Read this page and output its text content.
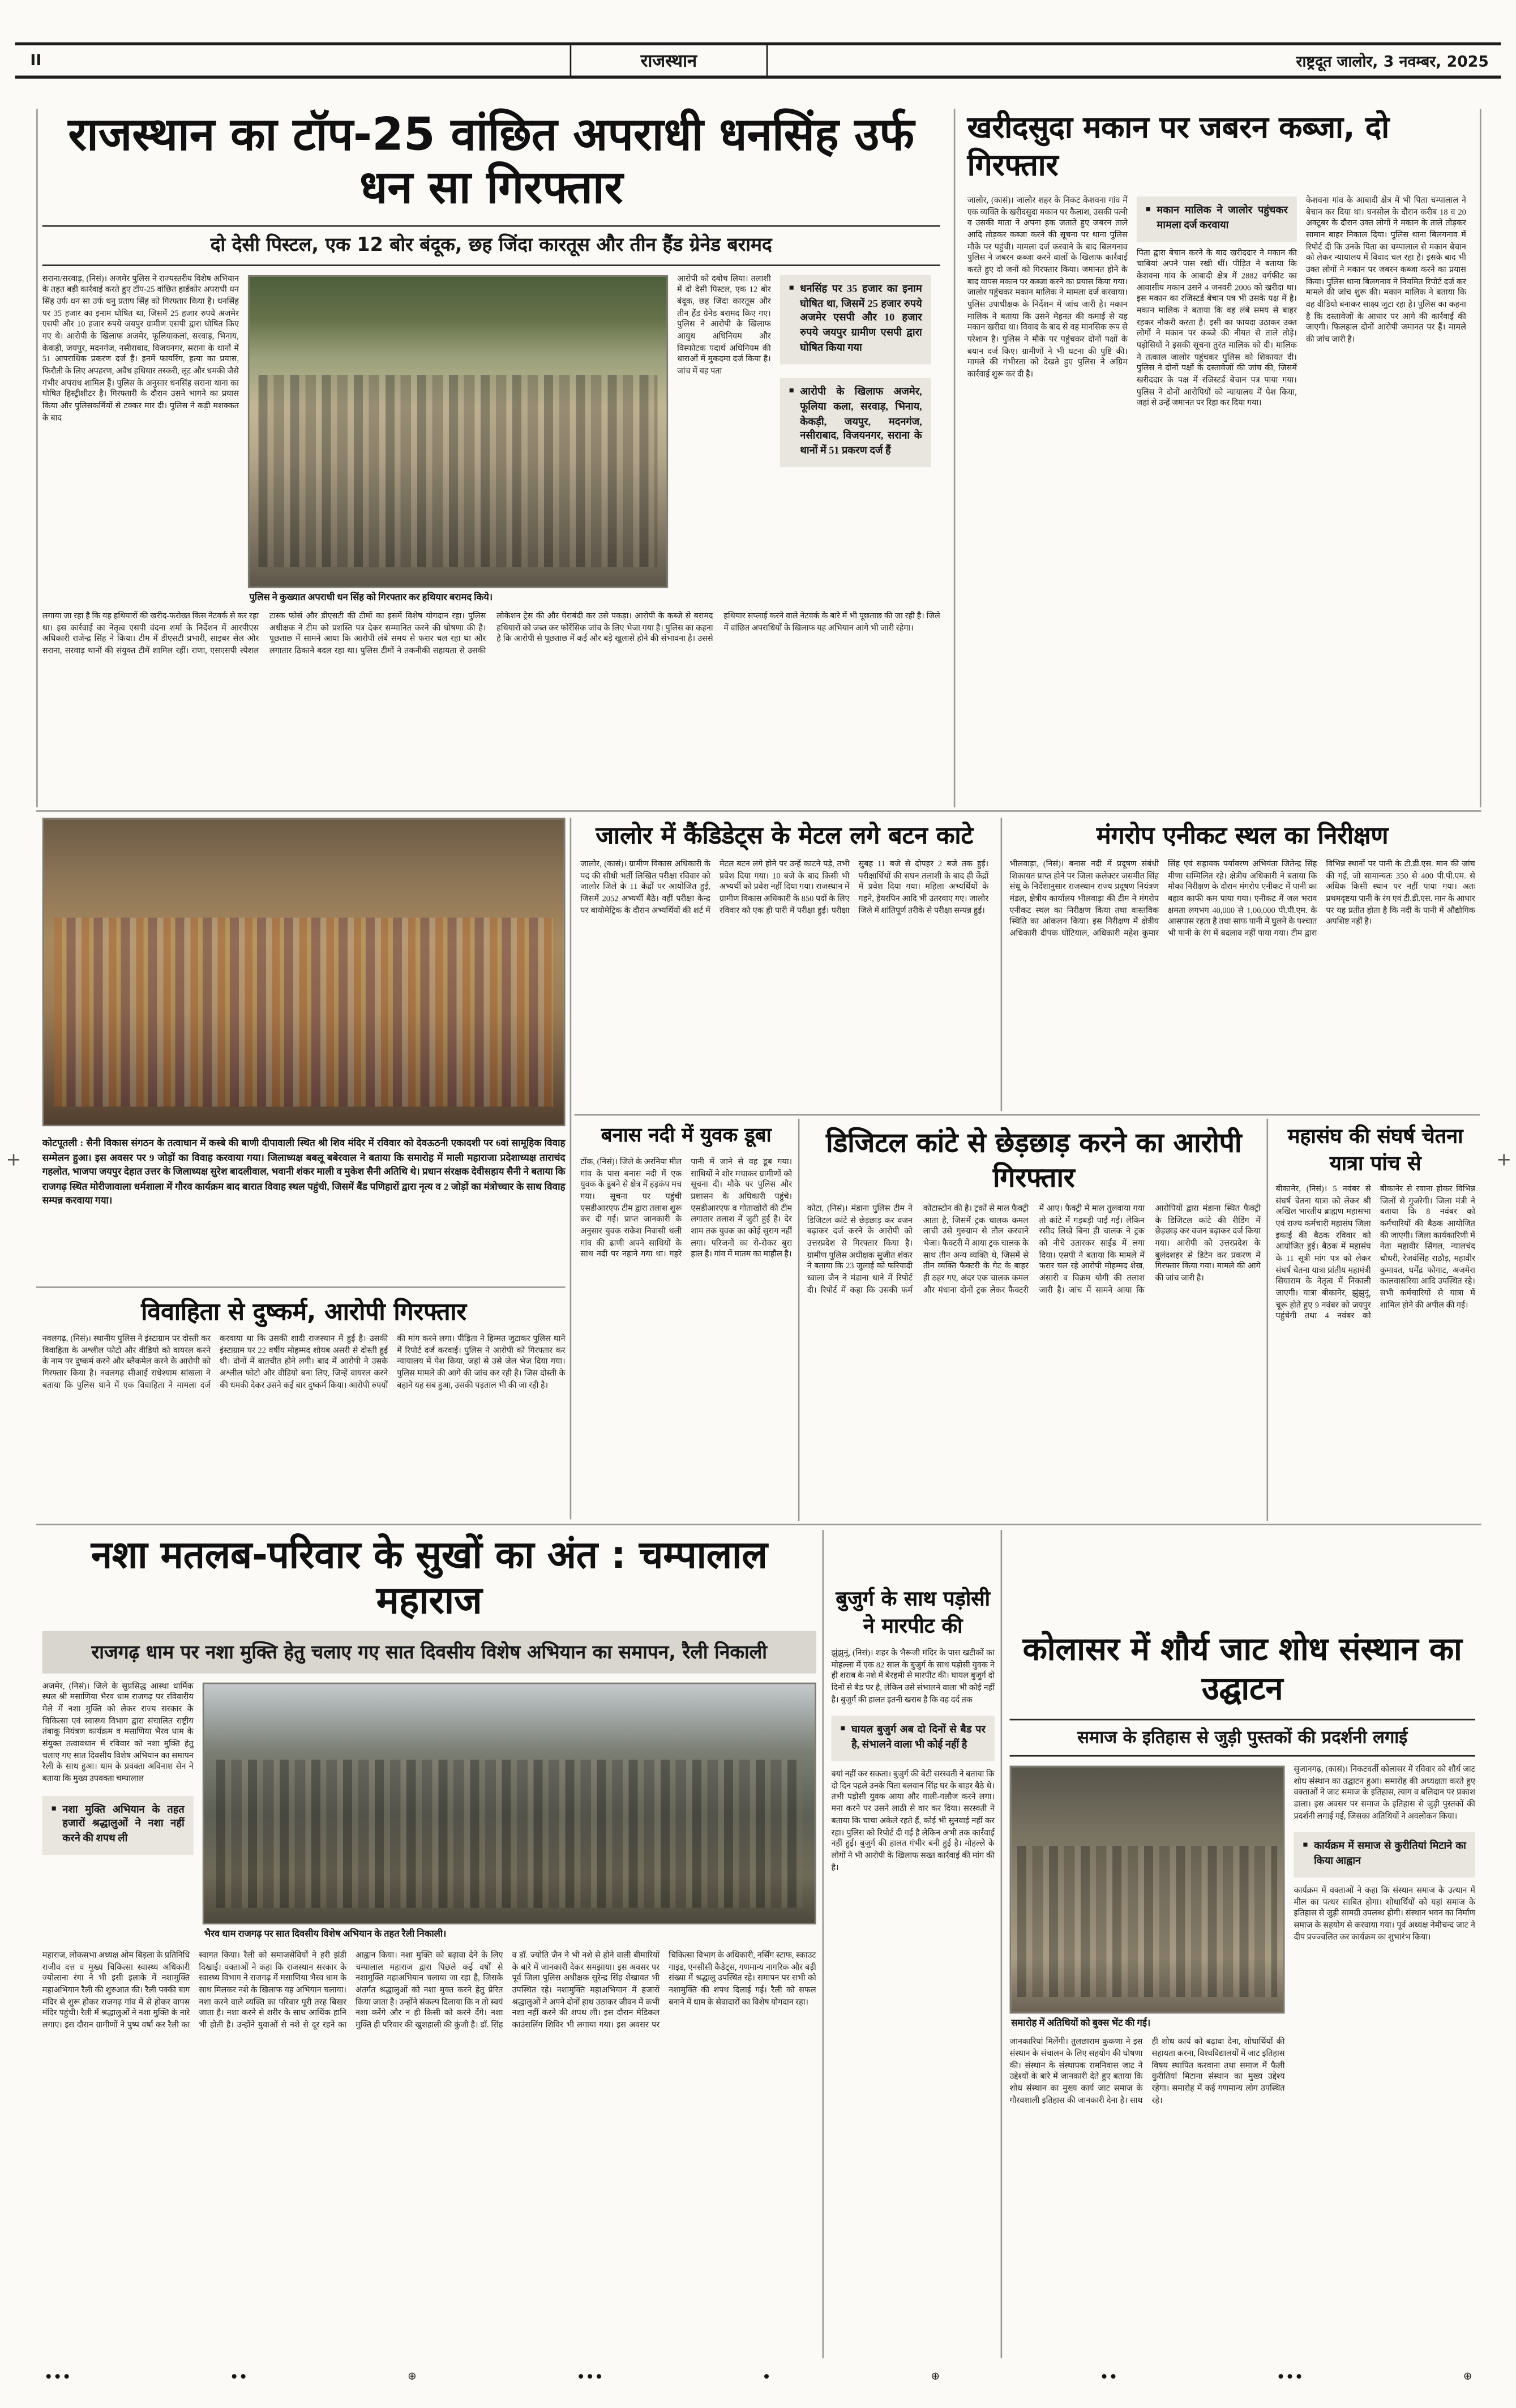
II	राजस्थान	राष्ट्रदूत जालोर, 3 नवम्बर, 2025
राजस्थान का टॉप-25 वांछित अपराधी धनसिंह उर्फ धन सा गिरफ्तार
दो देसी पिस्टल, एक 12 बोर बंदूक, छह जिंदा कारतूस और तीन हैंड ग्रेनेड बरामद

सराना/सरवाड़, (निसं)। अजमेर पुलिस ने राज्यस्तरीय विशेष अभियान के तहत बड़ी कार्रवाई करते हुए टॉप-25 वांछित हार्डकोर अपराधी धन सिंह उर्फ धन सा उर्फ धनु प्रताप सिंह को गिरफ्तार किया है। धनसिंह पर 35 हजार का इनाम घोषित था, जिसमें 25 हजार रुपये अजमेर एसपी और 10 हजार रुपये जयपुर ग्रामीण एसपी द्वारा घोषित किए गए थे। आरोपी के खिलाफ अजमेर, फूलियाकलां, सरवाड़, भिनाय, केकड़ी, जयपुर, मदनगंज, नसीराबाद, विजयनगर, सराना के थानों में 51 आपराधिक प्रकरण दर्ज हैं। इनमें फायरिंग, हत्या का प्रयास, फिरौती के लिए अपहरण, अवैध हथियार तस्करी, लूट और धमकी जैसे गंभीर अपराध शामिल हैं। पुलिस के अनुसार धनसिंह सराना थाना का घोषित हिस्ट्रीशीटर है। गिरफ्तारी के दौरान उसने भागने का प्रयास किया और पुलिसकर्मियों से टक्कर मार दी। पुलिस ने कड़ी मशक्कत के बाद

पुलिस ने कुख्यात अपराधी धन सिंह को गिरफ्तार कर हथियार बरामद किये।

आरोपी को दबोच लिया। तलाशी में दो देसी पिस्टल, एक 12 बोर बंदूक, छह जिंदा कारतूस और तीन हैंड ग्रेनेड बरामद किए गए। पुलिस ने आरोपी के खिलाफ आयुध अधिनियम और विस्फोटक पदार्थ अधिनियम की धाराओं में मुकदमा दर्ज किया है। जांच में यह पता

■ धनसिंह पर 35 हजार का इनाम घोषित था, जिसमें 25 हजार रुपये अजमेर एसपी और 10 हजार रुपये जयपुर ग्रामीण एसपी द्वारा घोषित किया गया
■ आरोपी के खिलाफ अजमेर, फूलिया कला, सरवाड़, भिनाय, केकड़ी, जयपुर, मदनगंज, नसीराबाद, विजयनगर, सराना के थानों में 51 प्रकरण दर्ज हैं
लगाया जा रहा है कि यह हथियारों की खरीद-फरोख्त किस नेटवर्क से कर रहा था। इस कार्रवाई का नेतृत्व एसपी वंदना शर्मा के निर्देशन में आरपीएस अधिकारी राजेन्द्र सिंह ने किया। टीम में डीएसटी प्रभारी, साइबर सेल और सराना, सरवाड़ थानों की संयुक्त टीमें शामिल रहीं। राणा, एसएसपी स्पेशल टास्क फोर्स और डीएसटी की टीमों का इसमें विशेष योगदान रहा। पुलिस अधीक्षक ने टीम को प्रशस्ति पत्र देकर सम्मानित करने की घोषणा की है। पूछताछ में सामने आया कि आरोपी लंबे समय से फरार चल रहा था और लगातार ठिकाने बदल रहा था। पुलिस टीमों ने तकनीकी सहायता से उसकी लोकेशन ट्रेस की और घेराबंदी कर उसे पकड़ा। आरोपी के कब्जे से बरामद हथियारों को जब्त कर फोरेंसिक जांच के लिए भेजा गया है। पुलिस का कहना है कि आरोपी से पूछताछ में कई और बड़े खुलासे होने की संभावना है। उससे हथियार सप्लाई करने वाले नेटवर्क के बारे में भी पूछताछ की जा रही है। जिले में वांछित अपराधियों के खिलाफ यह अभियान आगे भी जारी रहेगा।
खरीदसुदा मकान पर जबरन कब्जा, दो गिरफ्तार

जालोर, (कासं)। जालोर शहर के निकट केशवना गांव में एक व्यक्ति के खरीदसुदा मकान पर कैलाश, उसकी पत्नी व उसकी माता ने अपना हक जताते हुए जबरन ताले आदि तोड़कर कब्जा करने की सूचना पर थाना पुलिस मौके पर पहुंची। मामला दर्ज करवाने के बाद बिलगनाव पुलिस ने जबरन कब्जा करने वालों के खिलाफ कार्रवाई करते हुए दो जनों को गिरफ्तार किया। जमानत होने के बाद वापस मकान पर कब्जा करने का प्रयास किया गया। जालोर पहुंचकर मकान मालिक ने मामला दर्ज करवाया। पुलिस उपाधीक्षक के निर्देशन में जांच जारी है। मकान मालिक ने बताया कि उसने मेहनत की कमाई से यह मकान खरीदा था। विवाद के बाद से वह मानसिक रूप से परेशान है। पुलिस ने मौके पर पहुंचकर दोनों पक्षों के बयान दर्ज किए। ग्रामीणों ने भी घटना की पुष्टि की। मामले की गंभीरता को देखते हुए पुलिस ने अग्रिम कार्रवाई शुरू कर दी है।

■ मकान मालिक ने जालोर पहुंचकर मामला दर्ज करवाया

पिता द्वारा बेचान करने के बाद खरीददार ने मकान की चाबियां अपने पास रखी थीं। पीड़ित ने बताया कि केशवना गांव के आबादी क्षेत्र में 2882 वर्गफीट का आवासीय मकान उसने 4 जनवरी 2006 को खरीदा था। इस मकान का रजिस्टर्ड बेचान पत्र भी उसके पक्ष में है। मकान मालिक ने बताया कि वह लंबे समय से बाहर रहकर नौकरी करता है। इसी का फायदा उठाकर उक्त लोगों ने मकान पर कब्जे की नीयत से ताले तोड़े। पड़ोसियों ने इसकी सूचना तुरंत मालिक को दी। मालिक ने तत्काल जालोर पहुंचकर पुलिस को शिकायत दी। पुलिस ने दोनों पक्षों के दस्तावेजों की जांच की, जिसमें खरीददार के पक्ष में रजिस्टर्ड बेचान पत्र पाया गया। पुलिस ने दोनों आरोपियों को न्यायालय में पेश किया, जहां से उन्हें जमानत पर रिहा कर दिया गया।

केशवना गांव के आबादी क्षेत्र में भी पिता चम्पालाल ने बेचान कर दिया था। घनसोल के दौरान करीब 18 व 20 अक्टूबर के दौरान उक्त लोगों ने मकान के ताले तोड़कर सामान बाहर निकाल दिया। पुलिस थाना बिलगनाव में रिपोर्ट दी कि उनके पिता का चम्पालाल से मकान बेचान को लेकर न्यायालय में विवाद चल रहा है। इसके बाद भी उक्त लोगों ने मकान पर जबरन कब्जा करने का प्रयास किया। पुलिस थाना बिलगनाव ने नियमित रिपोर्ट दर्ज कर मामले की जांच शुरू की। मकान मालिक ने बताया कि वह वीडियो बनाकर साक्ष्य जुटा रहा है। पुलिस का कहना है कि दस्तावेजों के आधार पर आगे की कार्रवाई की जाएगी। फिलहाल दोनों आरोपी जमानत पर हैं। मामले की जांच जारी है।

कोटपूतली : सैनी विकास संगठन के तत्वाधान में कस्बे की बाणी दीपावाली स्थित श्री शिव मंदिर में रविवार को देवऊठनी एकादशी पर 6वां सामूहिक विवाह सम्मेलन हुआ। इस अवसर पर 9 जोड़ों का विवाह करवाया गया। जिलाध्यक्ष बबलू बबेरवाल ने बताया कि समारोह में माली महाराजा प्रदेशाध्यक्ष ताराचंद गहलोत, भाजपा जयपुर देहात उत्तर के जिलाध्यक्ष सुरेश बादलीवाल, भवानी शंकर माली व मुकेश सैनी अतिथि थे। प्रधान संरक्षक देवीसहाय सैनी ने बताया कि राजगढ़ स्थित मोरीजावाला धर्मशाला में गौरव कार्यक्रम बाद बारात विवाह स्थल पहुंची, जिसमें बैंड पणिहारों द्वारा नृत्य व 2 जोड़ों का मंत्रोच्चार के साथ विवाह सम्पन्न करवाया गया।
जालोर में कैंडिडेट्स के मेटल लगे बटन काटे
जालोर, (कासं)। ग्रामीण विकास अधिकारी के पद की सीधी भर्ती लिखित परीक्षा रविवार को जालोर जिले के 11 केंद्रों पर आयोजित हुई, जिसमें 2052 अभ्यर्थी बैठे। वहीं परीक्षा केन्द्र पर बायोमेट्रिक के दौरान अभ्यर्थियों की शर्ट में मेटल बटन लगे होने पर उन्हें काटने पड़े, तभी प्रवेश दिया गया। 10 बजे के बाद किसी भी अभ्यर्थी को प्रवेश नहीं दिया गया। राजस्थान में ग्रामीण विकास अधिकारी के 850 पदों के लिए रविवार को एक ही पारी में परीक्षा हुई। परीक्षा सुबह 11 बजे से दोपहर 2 बजे तक हुई। परीक्षार्थियों की सघन तलाशी के बाद ही केंद्रों में प्रवेश दिया गया। महिला अभ्यर्थियों के गहने, हेयरपिन आदि भी उतरवाए गए। जालोर जिले में शांतिपूर्ण तरीके से परीक्षा सम्पन्न हुई।
मंगरोप एनीकट स्थल का निरीक्षण
भीलवाड़ा, (निसं)। बनास नदी में प्रदूषण संबंधी शिकायत प्राप्त होने पर जिला कलेक्टर जसमीत सिंह संधू के निर्देशानुसार राजस्थान राज्य प्रदूषण नियंत्रण मंडल, क्षेत्रीय कार्यालय भीलवाड़ा की टीम ने मंगरोप एनीकट स्थल का निरीक्षण किया तथा वास्तविक स्थिति का आंकलन किया। इस निरीक्षण में क्षेत्रीय अधिकारी दीपक घोंटियाल, अधिकारी महेश कुमार सिंह एवं सहायक पर्यावरण अभियंता जितेन्द्र सिंह मीणा सम्मिलित रहे। क्षेत्रीय अधिकारी ने बताया कि मौका निरीक्षण के दौरान मंगरोप एनीकट में पानी का बहाव काफी कम पाया गया। एनीकट में जल भराव क्षमता लगभग 40,000 से 1,00,000 पी.पी.एम. के आसपास रहता है तथा साफ पानी में घुलने के पश्चात भी पानी के रंग में बदलाव नहीं पाया गया। टीम द्वारा विभिन्न स्थानों पर पानी के टी.डी.एस. मान की जांच की गई, जो सामान्यतः 350 से 400 पी.पी.एम. से अधिक किसी स्थान पर नहीं पाया गया। अतः प्रथमदृष्टया पानी के रंग एवं टी.डी.एस. मान के आधार पर यह प्रतीत होता है कि नदी के पानी में औद्योगिक अपशिष्ट नहीं है।
बनास नदी में युवक डूबा
टोंक, (निसं)। जिले के अरनिया मील गांव के पास बनास नदी में एक युवक के डूबने से क्षेत्र में हड़कंप मच गया। सूचना पर पहुंची एसडीआरएफ टीम द्वारा तलाश शुरू कर दी गई। प्राप्त जानकारी के अनुसार युवक राकेश निवासी थली गांव की ढाणी अपने साथियों के साथ नदी पर नहाने गया था। गहरे पानी में जाने से वह डूब गया। साथियों ने शोर मचाकर ग्रामीणों को सूचना दी। मौके पर पुलिस और प्रशासन के अधिकारी पहुंचे। एसडीआरएफ व गोताखोरों की टीम लगातार तलाश में जुटी हुई है। देर शाम तक युवक का कोई सुराग नहीं लगा। परिजनों का रो-रोकर बुरा हाल है। गांव में मातम का माहौल है।
डिजिटल कांटे से छेड़छाड़ करने का आरोपी गिरफ्तार
कोटा, (निसं)। मंडाना पुलिस टीम ने डिजिटल कांटे से छेड़छाड़ कर वजन बढ़ाकर दर्ज करने के आरोपी को उत्तरप्रदेश से गिरफ्तार किया है। ग्रामीण पुलिस अधीक्षक सुजीत शंकर ने बताया कि 23 जुलाई को फरियादी ध्वाला जैन ने मंडाना थाने में रिपोर्ट दी। रिपोर्ट में कहा कि उसकी फर्म कोटास्टोन की है। ट्रकों से माल फैक्ट्री आता है, जिसमें ट्रक चालक कमल लाची उसे गुरुग्राम से तौल करवाने भेजा। फैक्टरी में आया ट्रक चालक के साथ तीन अन्य व्यक्ति थे, जिसमें से तीन व्यक्ति फैक्टरी के गेट के बाहर ही ठहर गए, अंदर एक चालक कमल और मंधाना दोनों ट्रक लेकर फैक्टरी में आए। फैक्ट्री में माल तुलवाया गया तो कांटे में गड़बड़ी पाई गई। लेकिन रसीद लिखे बिना ही चालक ने ट्रक को नीचे उतारकर साईड में लगा दिया। एसपी ने बताया कि मामले में फरार चल रहे आरोपी मोहम्मद शेख, अंसारी व विक्रम योगी की तलाश जारी है। जांच में सामने आया कि आरोपियों द्वारा मंडाना स्थित फैक्ट्री के डिजिटल कांटे की रीडिंग में छेड़छाड़ कर वजन बढ़ाकर दर्ज किया गया। आरोपी को उत्तरप्रदेश के बुलंदशहर से डिटेन कर प्रकरण में गिरफ्तार किया गया। मामले की आगे की जांच जारी है।
महासंघ की संघर्ष चेतना यात्रा पांच से
बीकानेर, (निसं)। 5 नवंबर से संघर्ष चेतना यात्रा को लेकर श्री अखिल भारतीय ब्राह्मण महासभा एवं राज्य कर्मचारी महासंघ जिला इकाई की बैठक रविवार को आयोजित हुई। बैठक में महासंघ के 11 सूत्री मांग पत्र को लेकर संघर्ष चेतना यात्रा प्रांतीय महामंत्री सियाराम के नेतृत्व में निकाली जाएगी। यात्रा बीकानेर, झुंझुनूं, चूरू होते हुए 9 नवंबर को जयपुर पहुंचेगी तथा 4 नवंबर को बीकानेर से रवाना होकर विभिन्न जिलों से गुजरेगी। जिला मंत्री ने बताया कि 8 नवंबर को कर्मचारियों की बैठक आयोजित की जाएगी। जिला कार्यकारिणी में नेता महावीर सिंगल, न्यालचंद चौधरी, रेजवंसिंह राठौड़, महावीर कुमावत, धर्मेंद्र फोगाट, अजमेरा कालवासरिया आदि उपस्थित रहे। सभी कर्मचारियों से यात्रा में शामिल होने की अपील की गई।
विवाहिता से दुष्कर्म, आरोपी गिरफ्तार
नवलगढ़, (निसं)। स्थानीय पुलिस ने इंस्टाग्राम पर दोस्ती कर विवाहिता के अश्लील फोटो और वीडियो को वायरल करने के नाम पर दुष्कर्म करने और ब्लैकमेल करने के आरोपी को गिरफ्तार किया है। नवलगढ़ सीआई राधेश्याम सांखला ने बताया कि पुलिस थाने में एक विवाहिता ने मामला दर्ज करवाया था कि उसकी शादी राजस्थान में हुई है। उसकी इंस्टाग्राम पर 22 वर्षीय मोहम्मद शोयब असरी से दोस्ती हुई थी। दोनों में बातचीत होने लगी। बाद में आरोपी ने उसके अश्लील फोटो और वीडियो बना लिए, जिन्हें वायरल करने की धमकी देकर उसने कई बार दुष्कर्म किया। आरोपी रुपयों की मांग करने लगा। पीड़िता ने हिम्मत जुटाकर पुलिस थाने में रिपोर्ट दर्ज करवाई। पुलिस ने आरोपी को गिरफ्तार कर न्यायालय में पेश किया, जहां से उसे जेल भेज दिया गया। पुलिस मामले की आगे की जांच कर रही है। जिस दोस्ती के बहाने यह सब हुआ, उसकी पड़ताल भी की जा रही है।
नशा मतलब-परिवार के सुखों का अंत : चम्पालाल महाराज
राजगढ़ धाम पर नशा मुक्ति हेतु चलाए गए सात दिवसीय विशेष अभियान का समापन, रैली निकाली

अजमेर, (निसं)। जिले के सुप्रसिद्ध आस्था धार्मिक स्थल श्री मसाणिया भैरव धाम राजगढ़ पर रविवारीय मेले में नशा मुक्ति को लेकर राज्य सरकार के चिकित्सा एवं स्वास्थ्य विभाग द्वारा संचालित राष्ट्रीय तंबाकू नियंत्रण कार्यक्रम व मसाणिया भैरव धाम के संयुक्त तत्वावधान में रविवार को नशा मुक्ति हेतु चलाए गए सात दिवसीय विशेष अभियान का समापन रैली के साथ हुआ। धाम के प्रवक्ता अविनाश सेन ने बताया कि मुख्य उपवक्ता चम्पालाल

■ नशा मुक्ति अभियान के तहत हजारों श्रद्धालुओं ने नशा नहीं करने की शपथ ली
भैरव धाम राजगढ़ पर सात दिवसीय विशेष अभियान के तहत रैली निकाली।
महाराज, लोकसभा अध्यक्ष ओम बिड़ला के प्रतिनिधि राजीव दत्त व मुख्य चिकित्सा स्वास्थ्य अधिकारी ज्योत्सना रंगा ने भी इसी इलाके में नशामुक्ति महाअभियान रैली की शुरुआत की। रैली पक्की बाग मंदिर से शुरू होकर राजगढ़ गांव में से होकर वापस मंदिर पहुंची। रैली में श्रद्धालुओं ने नशा मुक्ति के नारे लगाए। इस दौरान ग्रामीणों ने पुष्प वर्षा कर रैली का स्वागत किया। रैली को समाजसेवियों ने हरी झंडी दिखाई। वक्ताओं ने कहा कि राजस्थान सरकार के स्वास्थ्य विभाग ने राजगढ़ में मसाणिया भैरव धाम के साथ मिलकर नशे के खिलाफ यह अभियान चलाया। नशा करने वाले व्यक्ति का परिवार पूरी तरह बिखर जाता है। नशा करने से शरीर के साथ आर्थिक हानि भी होती है। उन्होंने युवाओं से नशे से दूर रहने का आह्वान किया। नशा मुक्ति को बढ़ावा देने के लिए चम्पालाल महाराज द्वारा पिछले कई वर्षों से नशामुक्ति महाअभियान चलाया जा रहा है, जिसके अंतर्गत श्रद्धालुओं को नशा मुक्त करने हेतु प्रेरित किया जाता है। उन्होंने संकल्प दिलाया कि न तो स्वयं नशा करेंगे और न ही किसी को करने देंगे। नशा मुक्ति ही परिवार की खुशहाली की कुंजी है। डॉ. सिंह व डॉ. ज्योति जैन ने भी नशे से होने वाली बीमारियों के बारे में जानकारी देकर समझाया। इस अवसर पर पूर्व जिला पुलिस अधीक्षक सुरेन्द्र सिंह शेखावत भी उपस्थित रहे। नशामुक्ति महाअभियान में हजारों श्रद्धालुओं ने अपने दोनों हाथ उठाकर जीवन में कभी नशा नहीं करने की शपथ ली। इस दौरान मेडिकल काउंसलिंग शिविर भी लगाया गया। इस अवसर पर चिकित्सा विभाग के अधिकारी, नर्सिंग स्टाफ, स्काउट गाइड, एनसीसी कैडेट्स, गणमान्य नागरिक और बड़ी संख्या में श्रद्धालु उपस्थित रहे। समापन पर सभी को नशामुक्ति की शपथ दिलाई गई। रैली को सफल बनाने में धाम के सेवादारों का विशेष योगदान रहा।
बुजुर्ग के साथ पड़ोसी ने मारपीट की

झुंझुनूं, (निसं)। शहर के भैरूजी मंदिर के पास खटीकों का मोहल्ला में एक 82 साल के बुजुर्ग के साथ पड़ोसी युवक ने ही शराब के नशे में बेरहमी से मारपीट की। घायल बुजुर्ग दो दिनों से बैड पर है, लेकिन उसे संभालने वाला भी कोई नहीं है। बुजुर्ग की हालत इतनी खराब है कि वह दर्द तक

■ घायल बुजुर्ग अब दो दिनों से बैड पर है, संभालने वाला भी कोई नहीं है

बयां नहीं कर सकता। बुजुर्ग की बेटी सरस्वती ने बताया कि दो दिन पहले उनके पिता बलवान सिंह घर के बाहर बैठे थे। तभी पड़ोसी युवक आया और गाली-गलौज करने लगा। मना करने पर उसने लाठी से वार कर दिया। सरस्वती ने बताया कि चाचा अकेले रहते हैं, कोई भी सुनवाई नहीं कर रहा। पुलिस को रिपोर्ट दी गई है लेकिन अभी तक कार्रवाई नहीं हुई। बुजुर्ग की हालत गंभीर बनी हुई है। मोहल्ले के लोगों ने भी आरोपी के खिलाफ सख्त कार्रवाई की मांग की है।

कोलासर में शौर्य जाट शोध संस्थान का उद्घाटन
समाज के इतिहास से जुड़ी पुस्तकों की प्रदर्शनी लगाई
समारोह में अतिथियों को बुक्स भेंट की गई।
जानकारियां मिलेंगी। तुलछाराम कुकणा ने इस संस्थान के संचालन के लिए सहयोग की घोषणा की। संस्थान के संस्थापक रामनिवास जाट ने उद्देश्यों के बारे में जानकारी देते हुए बताया कि शोध संस्थान का मुख्य कार्य जाट समाज के गौरवशाली इतिहास की जानकारी देना है। साथ ही शोध कार्य को बढ़ावा देना, शोधार्थियों की सहायता करना, विश्वविद्यालयों में जाट इतिहास विषय स्थापित करवाना तथा समाज में फैली कुरीतियां मिटाना संस्थान का मुख्य उद्देश्य रहेगा। समारोह में कई गणमान्य लोग उपस्थित रहे।

सुजानगढ़, (कासं)। निकटवर्ती कोलासर में रविवार को शौर्य जाट शोध संस्थान का उद्घाटन हुआ। समारोह की अध्यक्षता करते हुए वक्ताओं ने जाट समाज के इतिहास, त्याग व बलिदान पर प्रकाश डाला। इस अवसर पर समाज के इतिहास से जुड़ी पुस्तकों की प्रदर्शनी लगाई गई, जिसका अतिथियों ने अवलोकन किया।

■ कार्यक्रम में समाज से कुरीतियां मिटाने का किया आह्वान

कार्यक्रम में वक्ताओं ने कहा कि संस्थान समाज के उत्थान में मील का पत्थर साबित होगा। शोधार्थियों को यहां समाज के इतिहास से जुड़ी सामग्री उपलब्ध होगी। संस्थान भवन का निर्माण समाज के सहयोग से करवाया गया। पूर्व अध्यक्ष नेमीचन्द जाट ने दीप प्रज्ज्वलित कर कार्यक्रम का शुभारंभ किया।

+	+
● ● ●	● ●	⊕	● ● ●	●	⊕	● ●	● ● ●	⊕
